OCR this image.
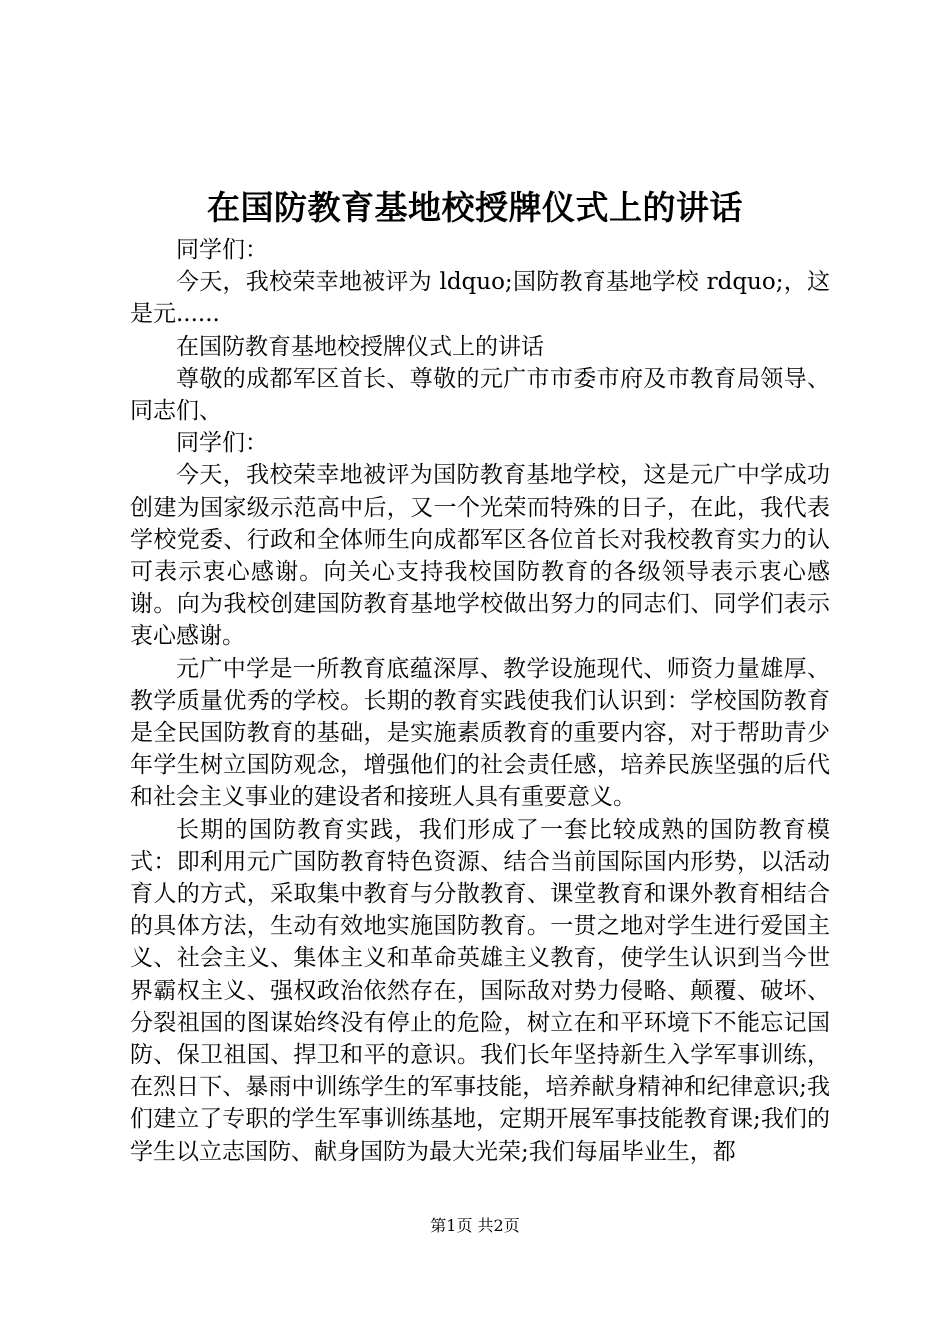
在国防教育基地校授牌仪式上的讲话

同学们：

今天，我校荣幸地被评为 ldquo;国防教育基地学校 rdquo;，这是元......

在国防教育基地校授牌仪式上的讲话

尊敬的成都军区首长、尊敬的元广市市委市府及市教育局领导、同志们、

同学们：

今天，我校荣幸地被评为国防教育基地学校，这是元广中学成功创建为国家级示范高中后，又一个光荣而特殊的日子，在此，我代表学校党委、行政和全体师生向成都军区各位首长对我校教育实力的认可表示衷心感谢。向关心支持我校国防教育的各级领导表示衷心感谢。向为我校创建国防教育基地学校做出努力的同志们、同学们表示衷心感谢。

元广中学是一所教育底蕴深厚、教学设施现代、师资力量雄厚、教学质量优秀的学校。长期的教育实践使我们认识到：学校国防教育是全民国防教育的基础，是实施素质教育的重要内容，对于帮助青少年学生树立国防观念，增强他们的社会责任感，培养民族坚强的后代和社会主义事业的建设者和接班人具有重要意义。

长期的国防教育实践，我们形成了一套比较成熟的国防教育模式：即利用元广国防教育特色资源、结合当前国际国内形势，以活动育人的方式，采取集中教育与分散教育、课堂教育和课外教育相结合的具体方法，生动有效地实施国防教育。一贯之地对学生进行爱国主义、社会主义、集体主义和革命英雄主义教育，使学生认识到当今世界霸权主义、强权政治依然存在，国际敌对势力侵略、颠覆、破坏、分裂祖国的图谋始终没有停止的危险，树立在和平环境下不能忘记国防、保卫祖国、捍卫和平的意识。我们长年坚持新生入学军事训练，在烈日下、暴雨中训练学生的军事技能，培养献身精神和纪律意识;我们建立了专职的学生军事训练基地，定期开展军事技能教育课;我们的学生以立志国防、献身国防为最大光荣;我们每届毕业生，都

第1页 共2页
